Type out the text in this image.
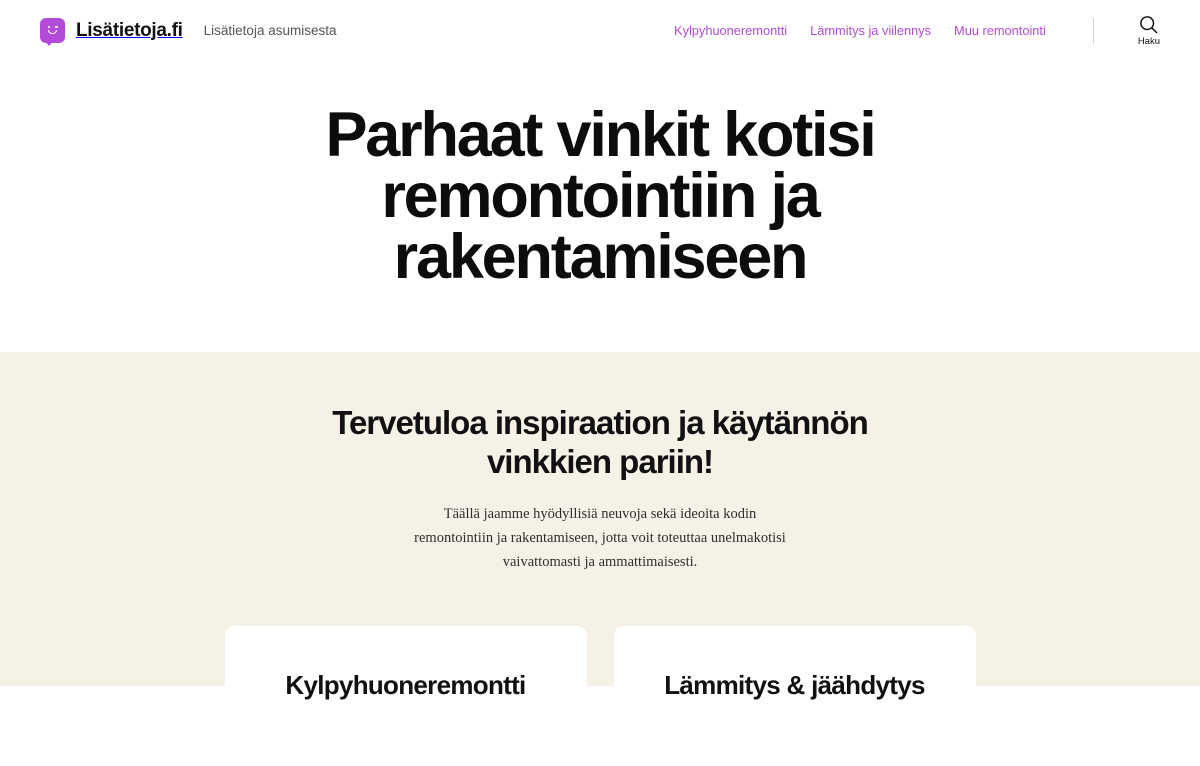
Lisätietoja.fi Lisätietoja asumisesta	Kylpyhuoneremontti Lämmitys ja viilennys Muu remontointi
Haku
Parhaat vinkit kotisi remontointiin ja rakentamiseen
Tervetuloa inspiraation ja käytännön vinkkien pariin!

Täällä jaamme hyödyllisiä neuvoja sekä ideoita kodin remontointiin ja rakentamiseen, jotta voit toteuttaa unelmakotisi vaivattomasti ja ammattimaisesti.

Kylpyhuoneremontti	Lämmitys & jäähdytys
